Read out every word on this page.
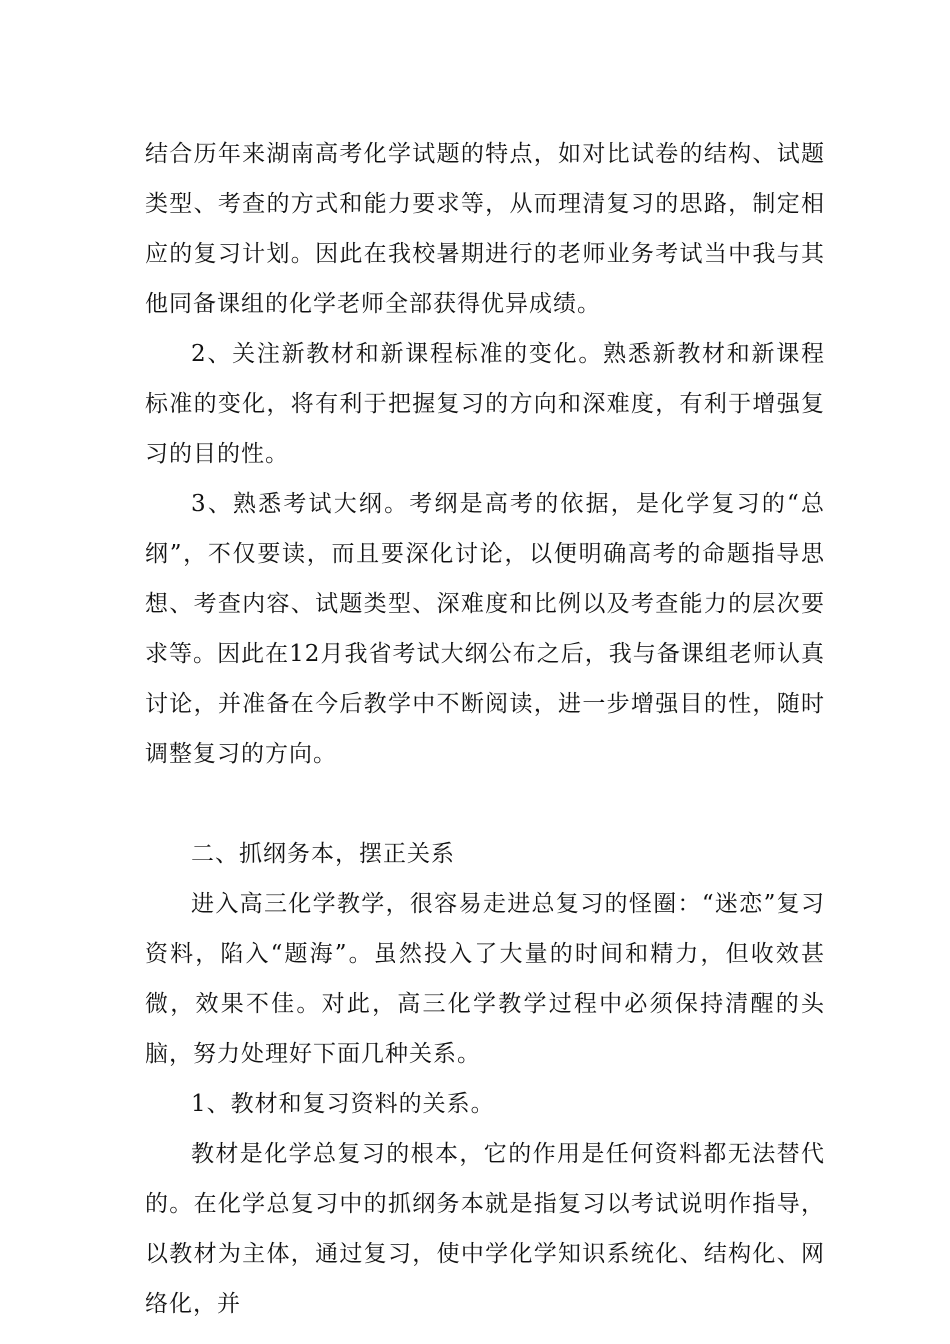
结合历年来湖南高考化学试题的特点，如对比试卷的结构、试题类型、考查的方式和能力要求等，从而理清复习的思路，制定相应的复习计划。因此在我校暑期进行的老师业务考试当中我与其他同备课组的化学老师全部获得优异成绩。

2、关注新教材和新课程标准的变化。熟悉新教材和新课程标准的变化，将有利于把握复习的方向和深难度，有利于增强复习的目的性。

3、熟悉考试大纲。考纲是高考的依据，是化学复习的“总纲”，不仅要读，而且要深化讨论，以便明确高考的命题指导思想、考查内容、试题类型、深难度和比例以及考查能力的层次要求等。因此在12月我省考试大纲公布之后，我与备课组老师认真讨论，并准备在今后教学中不断阅读，进一步增强目的性，随时调整复习的方向。

二、抓纲务本，摆正关系

进入高三化学教学，很容易走进总复习的怪圈：“迷恋”复习资料，陷入“题海”。虽然投入了大量的时间和精力，但收效甚微，效果不佳。对此，高三化学教学过程中必须保持清醒的头脑，努力处理好下面几种关系。

1、教材和复习资料的关系。

教材是化学总复习的根本，它的作用是任何资料都无法替代的。在化学总复习中的抓纲务本就是指复习以考试说明作指导，以教材为主体，通过复习，使中学化学知识系统化、结构化、网络化，并
